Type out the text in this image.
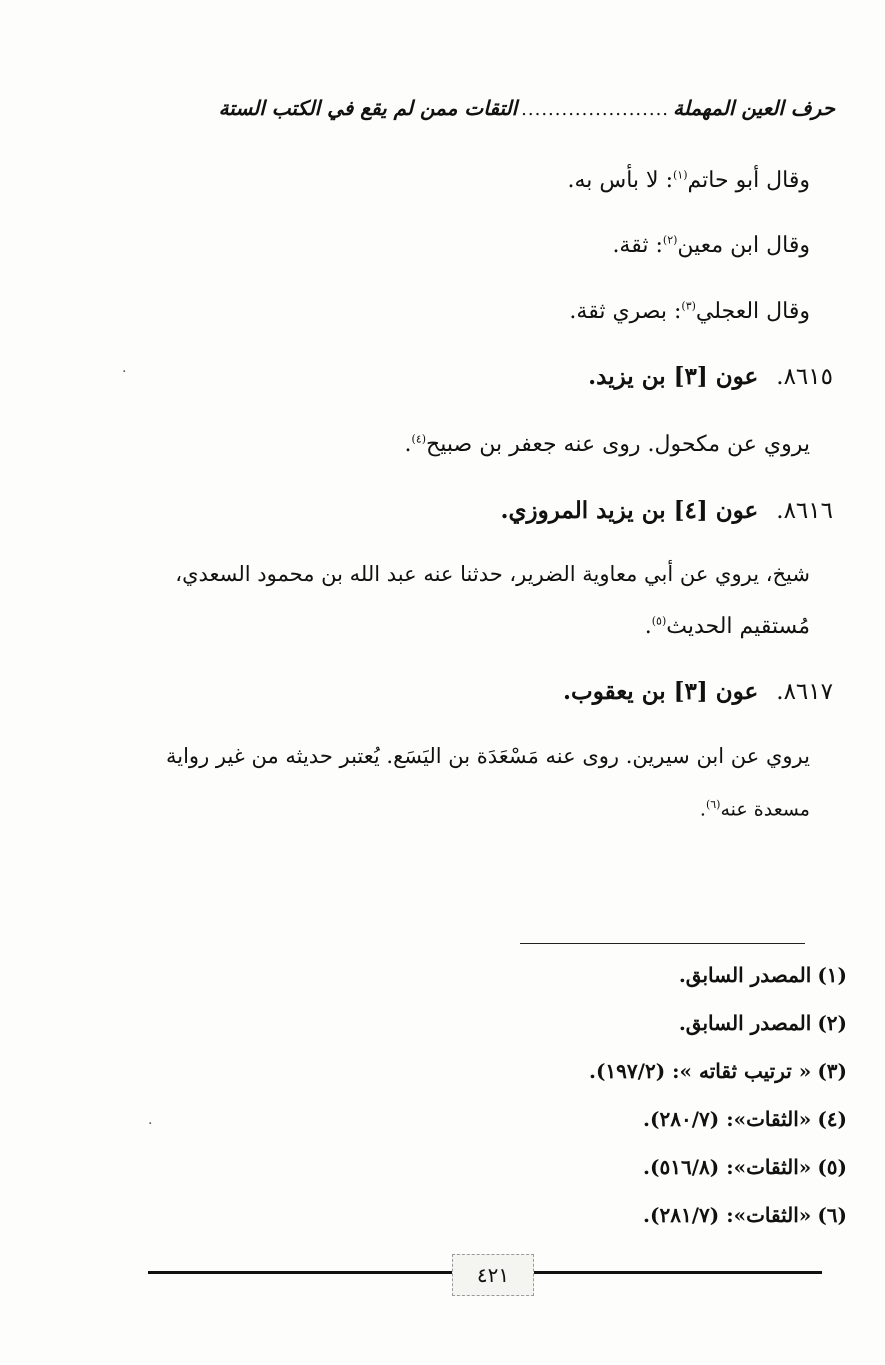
حرف العين المهملة
......................
التقات ممن لم يقع في الكتب الستة
وقال أبو حاتم$^{(١)}$: لا بأس به.
وقال ابن معين$^{(٢)}$: ثقة.
وقال العجلي$^{(٣)}$: بصري ثقة.
٨٦١٥.عون [٣] بن يزيد.
يروي عن مكحول. روى عنه جعفر بن صبيح$^{(٤)}$.
٨٦١٦.عون [٤] بن يزيد المروزي.
شيخ، يروي عن أبي معاوية الضرير، حدثنا عنه عبد الله بن محمود السعدي،
مُستقيم الحديث$^{(٥)}$.
٨٦١٧.عون [٣] بن يعقوب.
يروي عن ابن سيرين. روى عنه مَسْعَدَة بن اليَسَع. يُعتبر حديثه من غير رواية
مسعدة عنه$^{(٦)}$.
(١)المصدر السابق.
(٢)المصدر السابق.
(٣)« ترتيب ثقاته »: (١٩٧/٢).
(٤)«الثقات»: (٢٨٠/٧).
(٥)«الثقات»: (٥١٦/٨).
(٦)«الثقات»: (٢٨١/٧).
٤٢١
.
.
